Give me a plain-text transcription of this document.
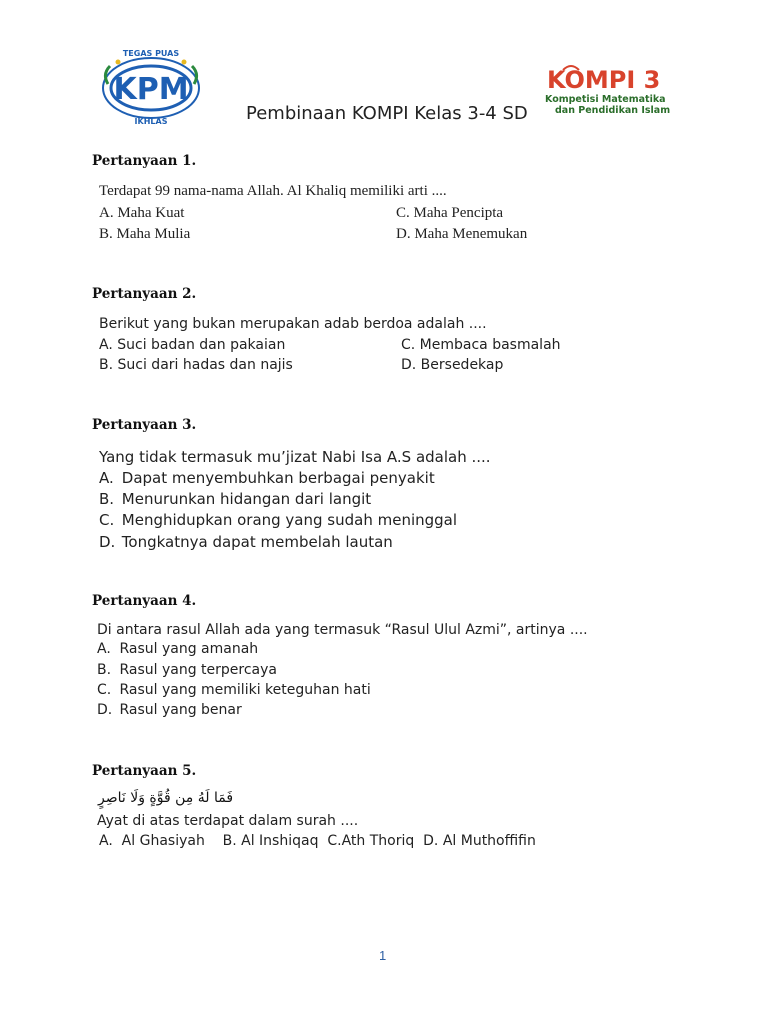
KPM
TEGAS PUAS
IKHLAS
KOMPI 3
Kompetisi Matematika
dan Pendidikan Islam
Pembinaan KOMPI Kelas 3-4 SD
Pertanyaan 1.
Terdapat 99 nama-nama Allah. Al Khaliq memiliki arti ....
A. Maha Kuat
B. Maha Mulia
C. Maha Pencipta
D. Maha Menemukan
Pertanyaan 2.
Berikut yang bukan merupakan adab berdoa adalah ....
A. Suci badan dan pakaian
B. Suci dari hadas dan najis
C. Membaca basmalah
D. Bersedekap
Pertanyaan 3.
Yang tidak termasuk mu’jizat Nabi Isa A.S adalah ....
A. Dapat menyembuhkan berbagai penyakit
B. Menurunkan hidangan dari langit
C. Menghidupkan orang yang sudah meninggal
D. Tongkatnya dapat membelah lautan
Pertanyaan 4.
Di antara rasul Allah ada yang termasuk “Rasul Ulul Azmi”, artinya ....
A. Rasul yang amanah
B. Rasul yang terpercaya
C. Rasul yang memiliki keteguhan hati
D. Rasul yang benar
Pertanyaan 5.
فَمَا لَهُ مِن قُوَّةٍ وَلَا نَاصِرٍ
Ayat di atas terdapat dalam surah ....
A.  Al Ghasiyah    B. Al Inshiqaq  C.Ath Thoriq  D. Al Muthoffifin
1
